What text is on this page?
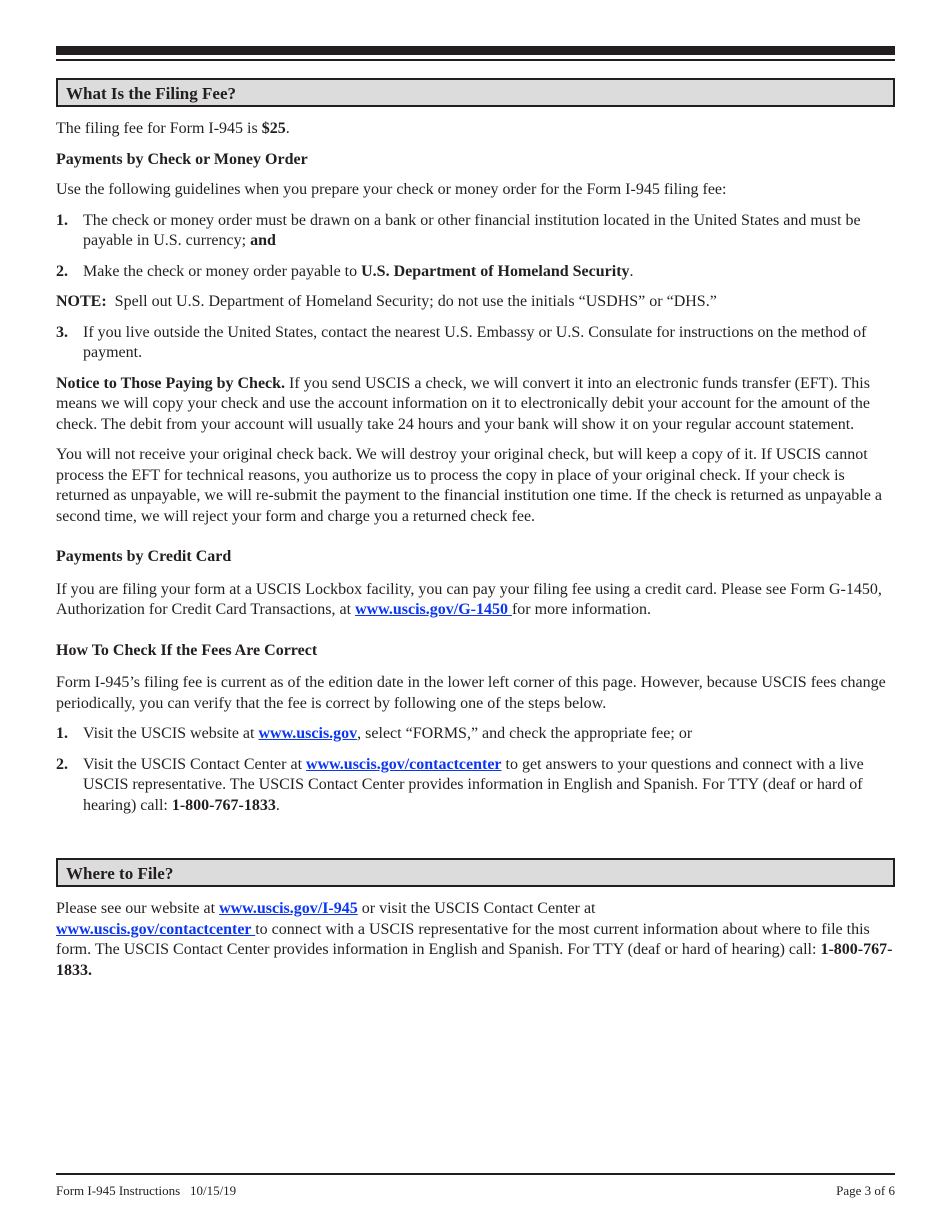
What Is the Filing Fee?

The filing fee for Form I-945 is $25.

Payments by Check or Money Order

Use the following guidelines when you prepare your check or money order for the Form I-945 filing fee:

1. The check or money order must be drawn on a bank or other financial institution located in the United States and must be payable in U.S. currency; and
2. Make the check or money order payable to U.S. Department of Homeland Security.

NOTE:  Spell out U.S. Department of Homeland Security; do not use the initials “USDHS” or “DHS.”

3. If you live outside the United States, contact the nearest U.S. Embassy or U.S. Consulate for instructions on the method of payment.

Notice to Those Paying by Check. If you send USCIS a check, we will convert it into an electronic funds transfer (EFT). This means we will copy your check and use the account information on it to electronically debit your account for the amount of the check. The debit from your account will usually take 24 hours and your bank will show it on your regular account statement.

You will not receive your original check back. We will destroy your original check, but will keep a copy of it. If USCIS cannot process the EFT for technical reasons, you authorize us to process the copy in place of your original check. If your check is returned as unpayable, we will re-submit the payment to the financial institution one time. If the check is returned as unpayable a second time, we will reject your form and charge you a returned check fee.

Payments by Credit Card

If you are filing your form at a USCIS Lockbox facility, you can pay your filing fee using a credit card. Please see Form G-1450, Authorization for Credit Card Transactions, at www.uscis.gov/G-1450 for more information.

How To Check If the Fees Are Correct

Form I-945’s filing fee is current as of the edition date in the lower left corner of this page. However, because USCIS fees change periodically, you can verify that the fee is correct by following one of the steps below.

1. Visit the USCIS website at www.uscis.gov, select “FORMS,” and check the appropriate fee; or
2. Visit the USCIS Contact Center at www.uscis.gov/contactcenter to get answers to your questions and connect with a live USCIS representative. The USCIS Contact Center provides information in English and Spanish. For TTY (deaf or hard of hearing) call: 1-800-767-1833.
Where to File?

Please see our website at www.uscis.gov/I-945 or visit the USCIS Contact Center at
www.uscis.gov/contactcenter to connect with a USCIS representative for the most current information about where to file this form. The USCIS Contact Center provides information in English and Spanish. For TTY (deaf or hard of hearing) call: 1-800-767-1833.

Form I-945 Instructions   10/15/19	Page 3 of 6
